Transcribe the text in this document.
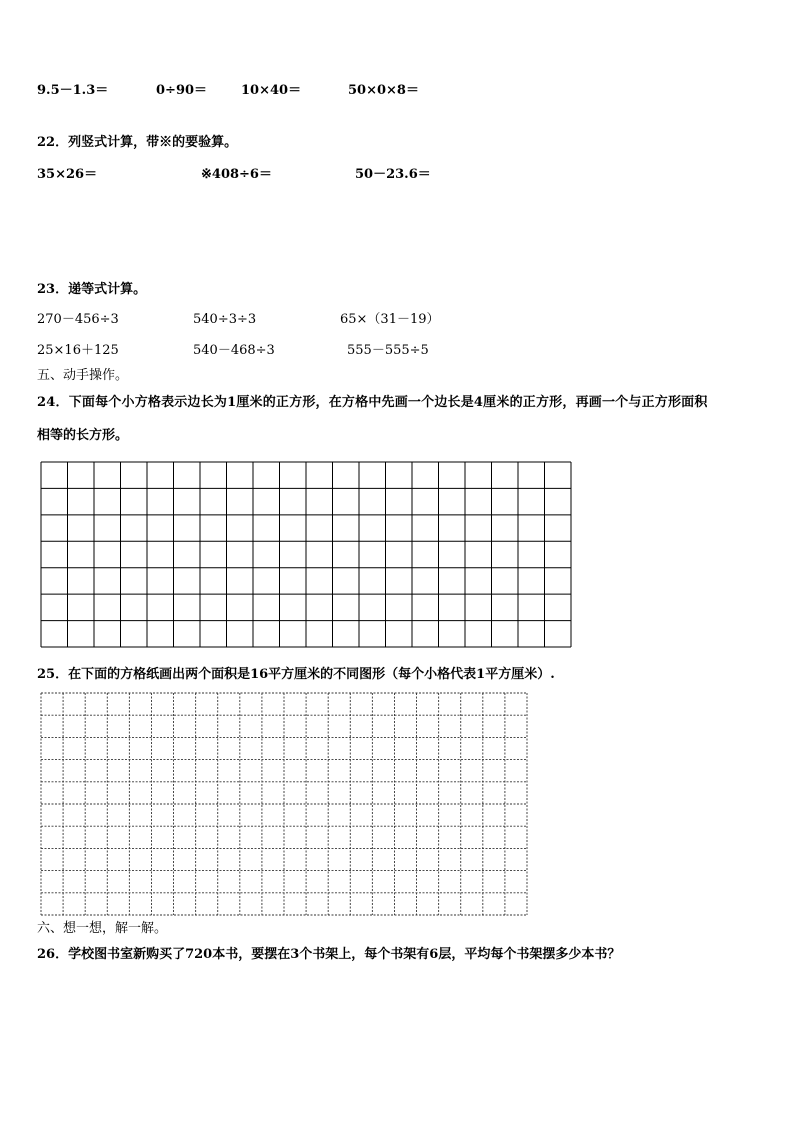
9.5－1.3＝	0÷90＝	10×40＝	50×0×8＝
22．列竖式计算，带※的要验算。
35×26＝	※408÷6＝	50－23.6＝
23．递等式计算。
270－456÷3	540÷3÷3	65×（31－19）
25×16＋125	540－468÷3	555－555÷5
五、动手操作。
24．下面每个小方格表示边长为1厘米的正方形，在方格中先画一个边长是4厘米的正方形，再画一个与正方形面积
相等的长方形。
25．在下面的方格纸画出两个面积是16平方厘米的不同图形（每个小格代表1平方厘米）.
六、想一想，解一解。
26．学校图书室新购买了720本书，要摆在3个书架上，每个书架有6层，平均每个书架摆多少本书？
